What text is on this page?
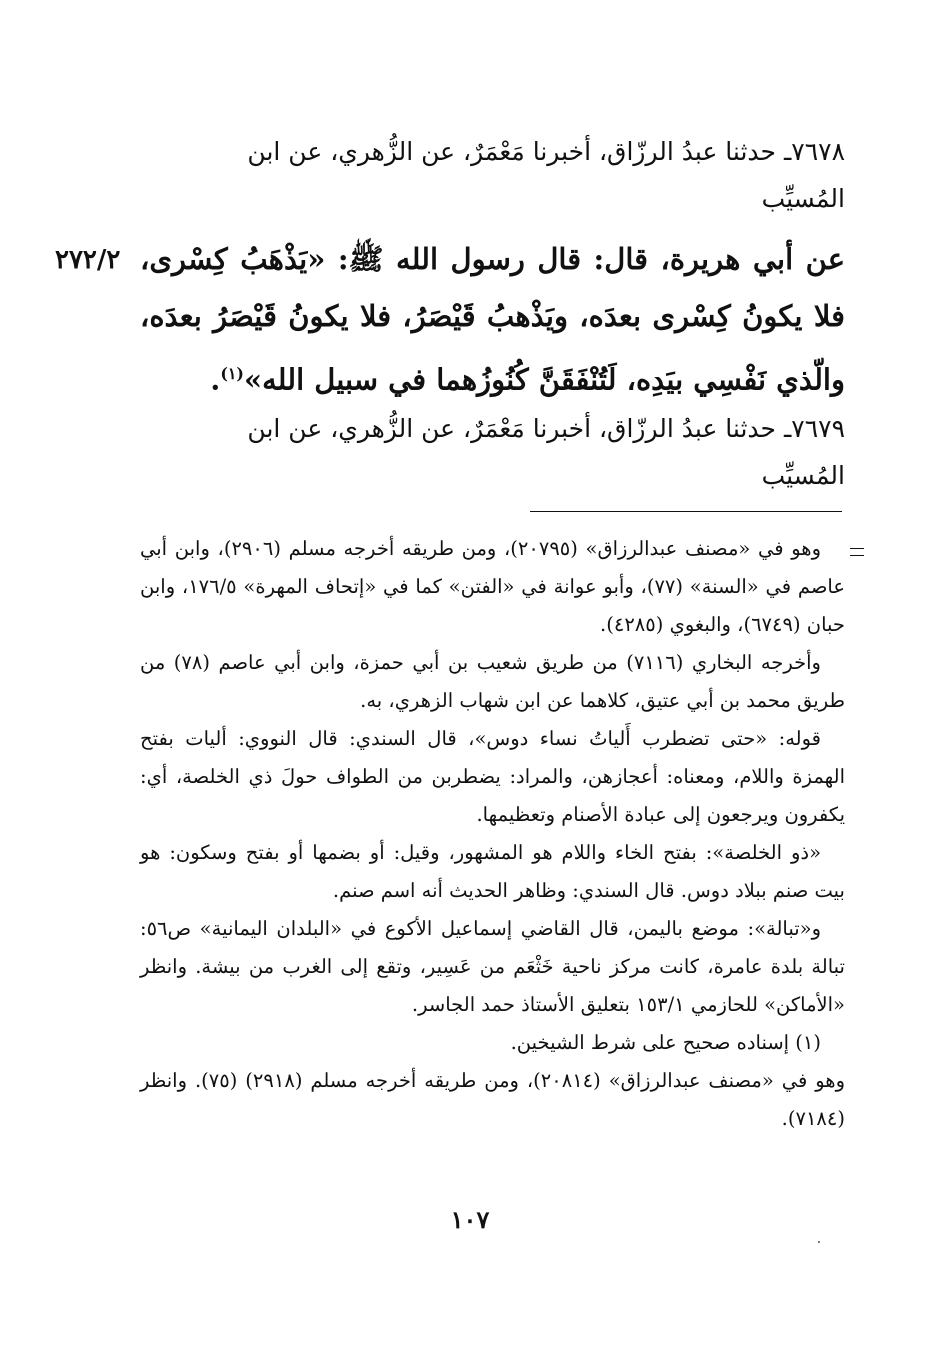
٧٦٧٨ـ حدثنا عبدُ الرزّاق، أخبرنا مَعْمَرٌ، عن الزُّهري، عن ابن

المُسيِّب

٢٧٢/٢ عن أبي هريرة، قال: قال رسول الله ﷺ: «يَذْهَبُ كِسْرى، فلا يكونُ كِسْرى بعدَه، ويَذْهبُ قَيْصَرُ، فلا يكونُ قَيْصَرُ بعدَه، والّذي نَفْسِي بيَدِه، لَتُنْفَقَنَّ كُنُوزُهما في سبيل الله»$^{(١)}$.

٧٦٧٩ـ حدثنا عبدُ الرزّاق، أخبرنا مَعْمَرٌ، عن الزُّهري، عن ابن

المُسيِّب

وهو في «مصنف عبدالرزاق» (٢٠٧٩٥)، ومن طريقه أخرجه مسلم (٢٩٠٦)، وابن أبي عاصم في «السنة» (٧٧)، وأبو عوانة في «الفتن» كما في «إتحاف المهرة» ١٧٦/٥، وابن حبان (٦٧٤٩)، والبغوي (٤٢٨٥).

وأخرجه البخاري (٧١١٦) من طريق شعيب بن أبي حمزة، وابن أبي عاصم (٧٨) من طريق محمد بن أبي عتيق، كلاهما عن ابن شهاب الزهري، به.

قوله: «حتى تضطرب أَلياتُ نساء دوس»، قال السندي: قال النووي: أليات بفتح الهمزة واللام، ومعناه: أعجازهن، والمراد: يضطربن من الطواف حولَ ذي الخلصة، أي: يكفرون ويرجعون إلى عبادة الأصنام وتعظيمها.

«ذو الخلصة»: بفتح الخاء واللام هو المشهور، وقيل: أو بضمها أو بفتح وسكون: هو بيت صنم ببلاد دوس. قال السندي: وظاهر الحديث أنه اسم صنم.

و«تبالة»: موضع باليمن، قال القاضي إسماعيل الأكوع في «البلدان اليمانية» ص٥٦: تبالة بلدة عامرة، كانت مركز ناحية خَثْعَم من عَسِير، وتقع إلى الغرب من بيشة. وانظر «الأماكن» للحازمي ١٥٣/١ بتعليق الأستاذ حمد الجاسر.

(١) إسناده صحيح على شرط الشيخين.

وهو في «مصنف عبدالرزاق» (٢٠٨١٤)، ومن طريقه أخرجه مسلم (٢٩١٨) (٧٥). وانظر (٧١٨٤).

١٠٧
